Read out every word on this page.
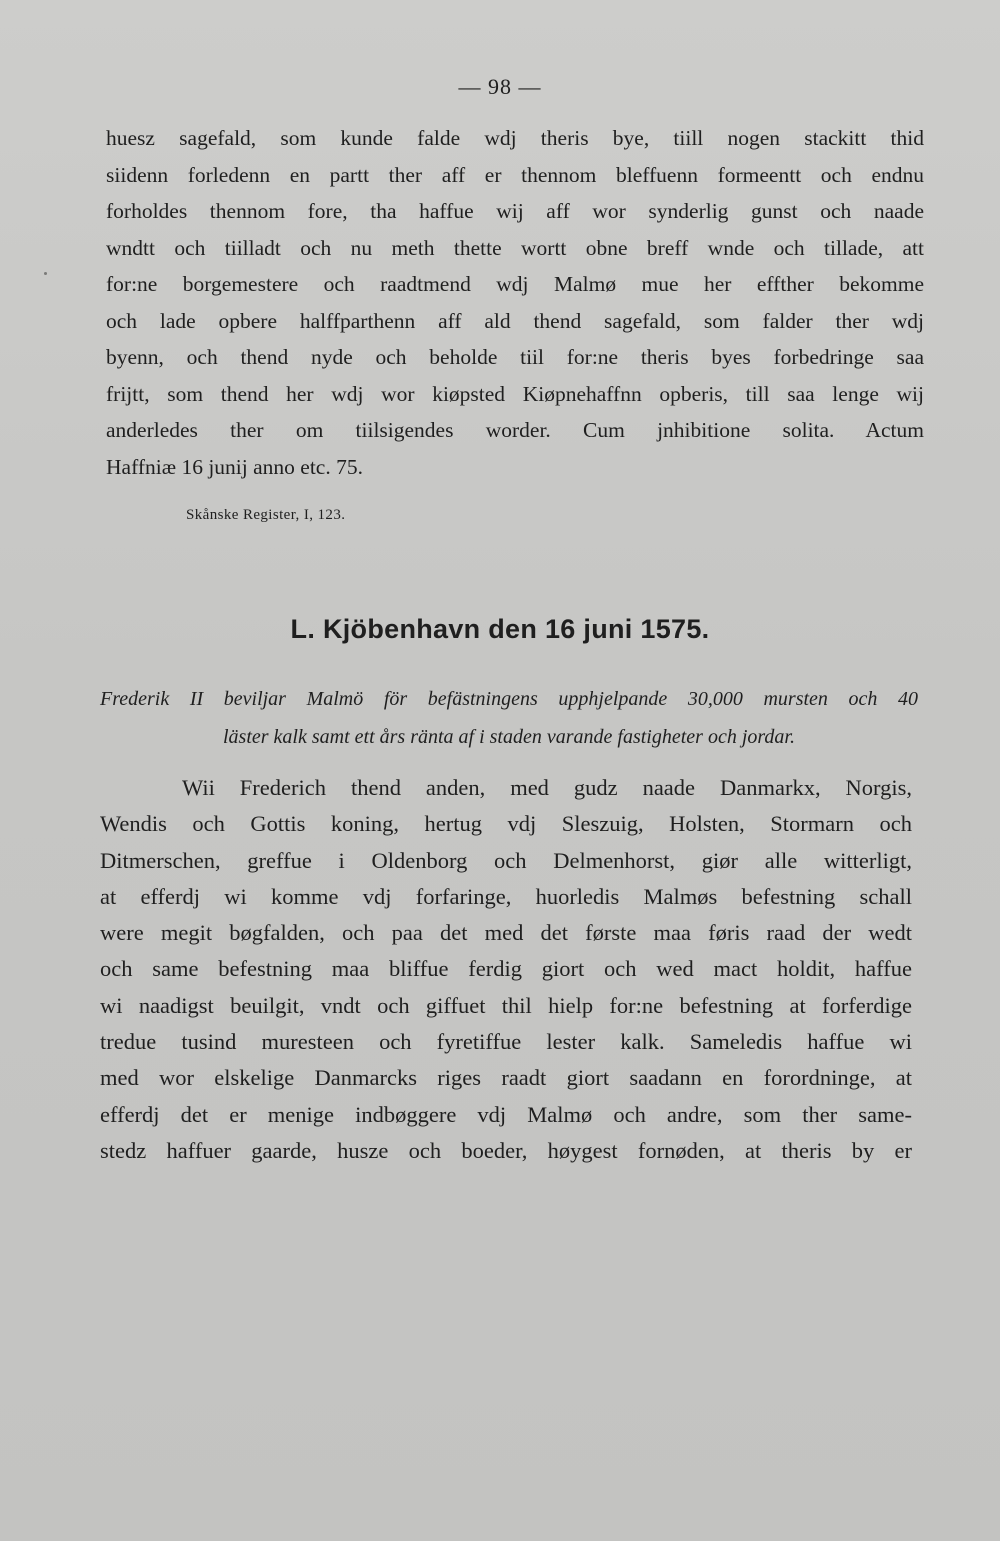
— 98 —
huesz sagefald, som kunde falde wdj theris bye, tiill nogen stackitt thid
siidenn forledenn en partt ther aff er thennom bleffuenn formeentt och endnu
forholdes thennom fore, tha haffue wij aff wor synderlig gunst och naade
wndtt och tiilladt och nu meth thette wortt obne breff wnde och tillade, att
for:ne borgemestere och raadtmend wdj Malmø mue her effther bekomme
och lade opbere halffparthenn aff ald thend sagefald, som falder ther wdj
byenn, och thend nyde och beholde tiil for:ne theris byes forbedringe saa
frijtt, som thend her wdj wor kiøpsted Kiøpnehaffnn opberis, till saa lenge wij
anderledes ther om tiilsigendes worder. Cum jnhibitione solita. Actum
Haffniæ 16 junij anno etc. 75.
Skånske Register, I, 123.
L. Kjöbenhavn den 16 juni 1575.
Frederik II beviljar Malmö för befästningens upphjelpande 30,000 mursten och 40
läster kalk samt ett års ränta af i staden varande fastigheter och jordar.
Wii Frederich thend anden, med gudz naade Danmarkx, Norgis,
Wendis och Gottis koning, hertug vdj Sleszuig, Holsten, Stormarn och
Ditmerschen, greffue i Oldenborg och Delmenhorst, giør alle witterligt,
at efferdj wi komme vdj forfaringe, huorledis Malmøs befestning schall
were megit bøgfalden, och paa det med det første maa føris raad der wedt
och same befestning maa bliffue ferdig giort och wed mact holdit, haffue
wi naadigst beuilgit, vndt och giffuet thil hielp for:ne befestning at forferdige
tredue tusind muresteen och fyretiffue lester kalk. Sameledis haffue wi
med wor elskelige Danmarcks riges raadt giort saadann en forordninge, at
efferdj det er menige indbøggere vdj Malmø och andre, som ther same-
stedz haffuer gaarde, husze och boeder, høygest fornøden, at theris by er
